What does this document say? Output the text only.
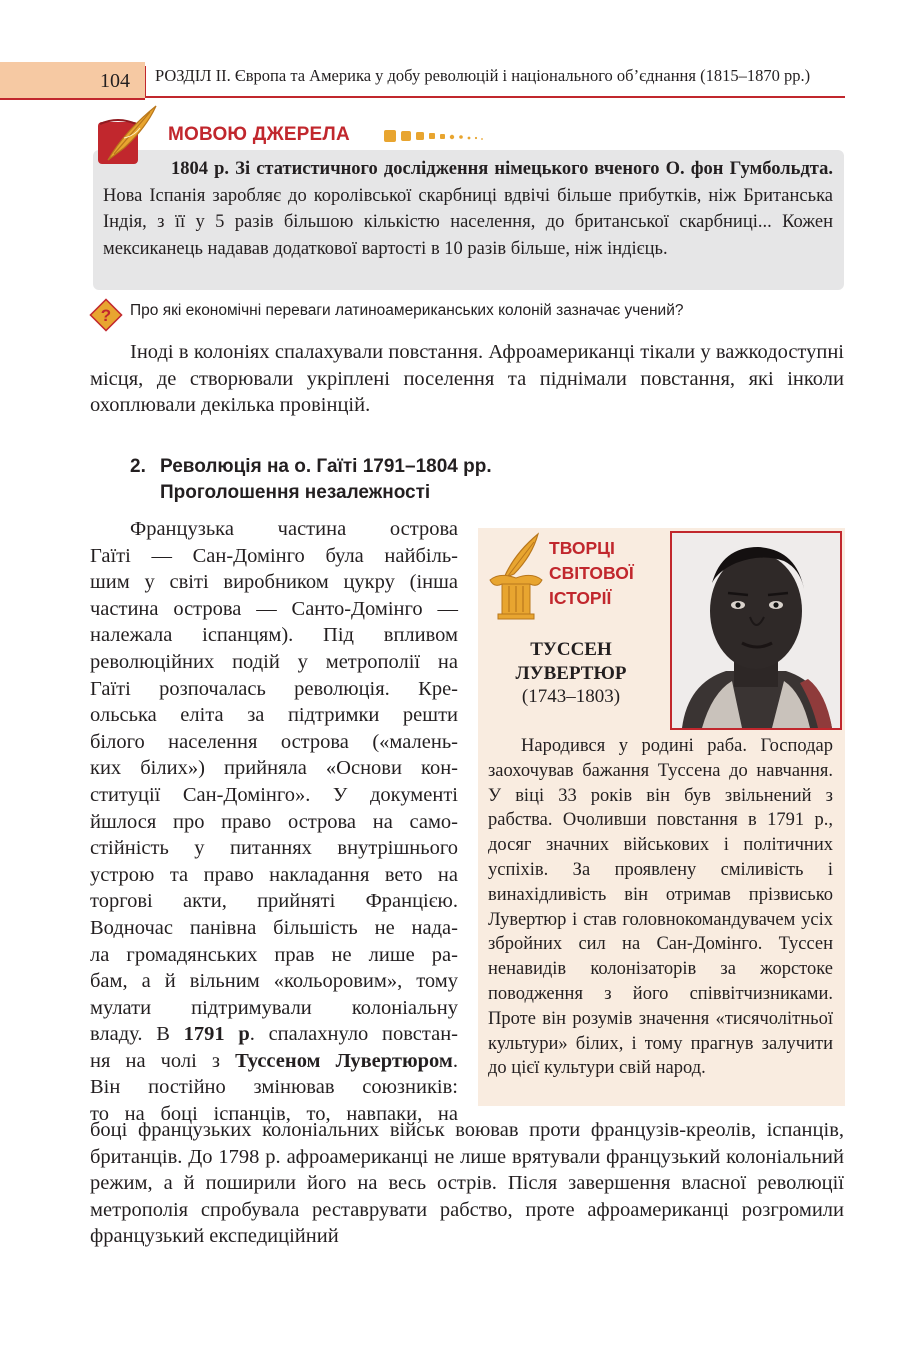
104 РОЗДІЛ II. Європа та Америка у добу революцій і національного об’єднання (1815–1870 рр.)
МОВОЮ ДЖЕРЕЛА

1804 р. Зі статистичного дослідження німецького вченого О. фон Гумбольдта. Нова Іспанія заробляє до королівської скарбниці вдвічі більше прибутків, ніж Британська Індія, з її у 5 разів більшою кількістю населення, до британської скарбниці... Кожен мексиканець надавав додаткової вартості в 10 разів більше, ніж індієць.

? Про які економічні переваги латиноамериканських колоній зазначає учений?

Іноді в колоніях спалахували повстання. Афроамериканці тікали у важкодоступні місця, де створювали укріплені поселення та піднімали повстання, які інколи охоплювали декілька провінцій.

2. Революція на о. Гаїті 1791–1804 рр.
Проголошення незалежності
Французька частина острова
Гаїті — Сан-Домінго була найбіль-
шим у світі виробником цукру (інша
частина острова — Санто-Домінго —
належала іспанцям). Під впливом
революційних подій у метрополії на
Гаїті розпочалась революція. Кре-
ольська еліта за підтримки решти
білого населення острова («малень-
ких білих») прийняла «Основи кон-
ституції Сан-Домінго». У документі
йшлося про право острова на само-
стійність у питаннях внутрішнього
устрою та право накладання вето на
торгові акти, прийняті Францією.
Водночас панівна більшість не нада-
ла громадянських прав не лише ра-
бам, а й вільним «кольоровим», тому
мулати підтримували колоніальну
владу. В 1791 р. спалахнуло повстан-
ня на чолі з Туссеном Лувертюром.
Він постійно змінював союзників:
то на боці іспанців, то, навпаки, на

боці французьких колоніальних військ воював проти французів-креолів, іспанців, британців. До 1798 р. афроамериканці не лише врятували французький колоніальний режим, а й поширили його на весь острів. Після завершення власної революції метрополія спробувала реставрувати рабство, проте афроамериканці розгромили французький експедиційний

ТВОРЦІ
СВІТОВОЇ
ІСТОРІЇ
ТУССЕН
ЛУВЕРТЮР
(1743–1803)

Народився у родині раба. Господар заохочував бажання Туссена до навчання. У віці 33 років він був звільнений з рабства. Очоливши повстання в 1791 р., досяг значних військових і політичних успіхів. За проявлену сміливість і винахідливість він отримав прізвисько Лувертюр і став головнокомандувачем усіх збройних сил на Сан-Домінго. Туссен ненавидів колонізаторів за жорстоке поводження з його співвітчизниками. Проте він розумів значення «тисячолітньої культури» білих, і тому прагнув залучити до цієї культури свій народ.
